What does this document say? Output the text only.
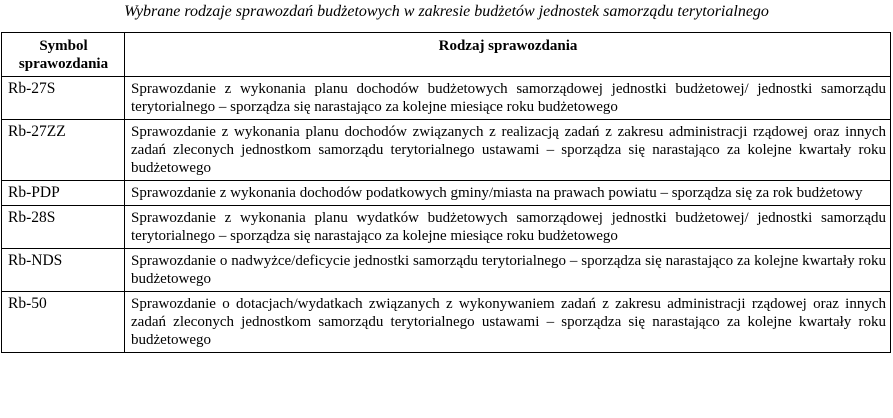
Wybrane rodzaje sprawozdań budżetowych w zakresie budżetów jednostek samorządu terytorialnego
Symbol sprawozdania	Rodzaj sprawozdania
Rb-27S	Sprawozdanie z wykonania planu dochodów budżetowych samorządowej jednostki budżetowej/ jednostki samorządu terytorialnego – sporządza się narastająco za kolejne miesiące roku budżetowego
Rb-27ZZ	Sprawozdanie z wykonania planu dochodów związanych z realizacją zadań z zakresu administracji rządowej oraz innych zadań zleconych jednostkom samorządu terytorialnego ustawami – sporządza się narastająco za kolejne kwartały roku budżetowego
Rb-PDP	Sprawozdanie z wykonania dochodów podatkowych gminy/miasta na prawach powiatu – sporządza się za rok budżetowy
Rb-28S	Sprawozdanie z wykonania planu wydatków budżetowych samorządowej jednostki budżetowej/ jednostki samorządu terytorialnego – sporządza się narastająco za kolejne miesiące roku budżetowego
Rb-NDS	Sprawozdanie o nadwyżce/deficycie jednostki samorządu terytorialnego – sporządza się narastająco za kolejne kwartały roku budżetowego
Rb-50	Sprawozdanie o dotacjach/wydatkach związanych z wykonywaniem zadań z zakresu administracji rządowej oraz innych zadań zleconych jednostkom samorządu terytorialnego ustawami – sporządza się narastająco za kolejne kwartały roku budżetowego
